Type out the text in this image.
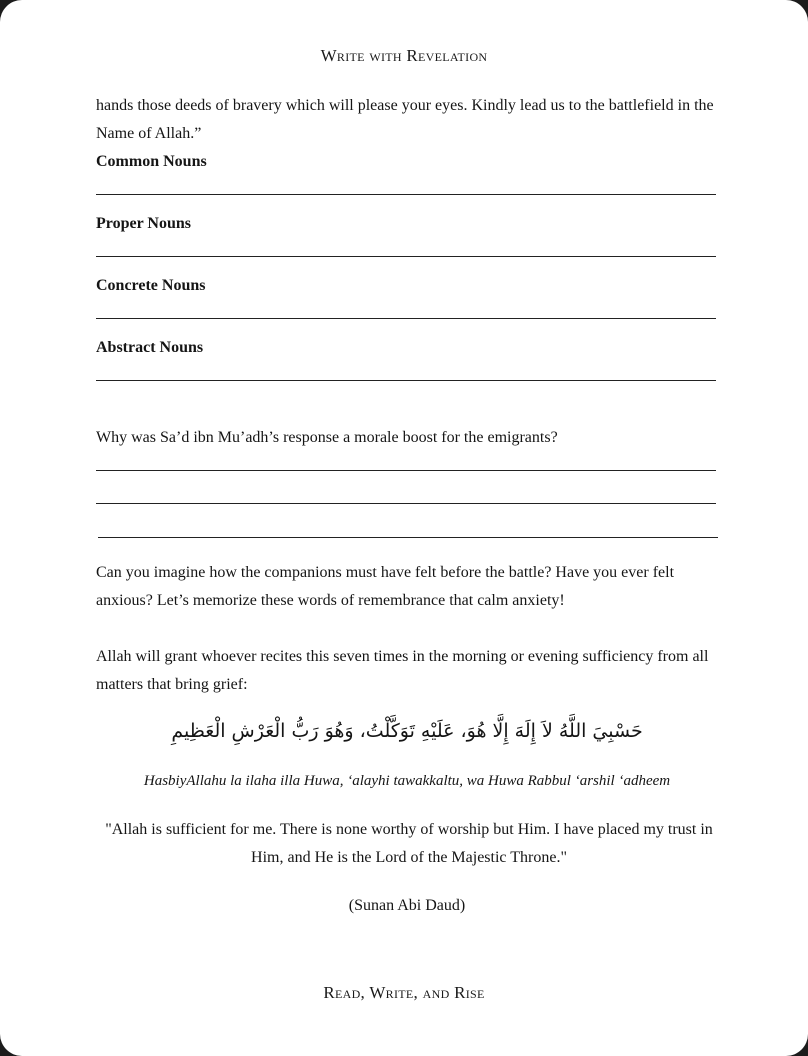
Write with Revelation
hands those deeds of bravery which will please your eyes. Kindly lead us to the battlefield in the Name of Allah.”
Common Nouns
Proper Nouns
Concrete Nouns
Abstract Nouns
Why was Sa’d ibn Mu’adh’s response a morale boost for the emigrants?
Can you imagine how the companions must have felt before the battle? Have you ever felt anxious? Let’s memorize these words of remembrance that calm anxiety!
Allah will grant whoever recites this seven times in the morning or evening sufficiency from all matters that bring grief:
حَسْبِيَ اللَّهُ لاَ إِلَهَ إِلَّا هُوَ، عَلَيْهِ تَوَكَّلْتُ، وَهُوَ رَبُّ الْعَرْشِ الْعَظِيمِ
HasbiyAllahu la ilaha illa Huwa, ‘alayhi tawakkaltu, wa Huwa Rabbul ‘arshil ‘adheem
"Allah is sufficient for me. There is none worthy of worship but Him. I have placed my trust in Him, and He is the Lord of the Majestic Throne."
(Sunan Abi Daud)
Read, Write, and Rise
